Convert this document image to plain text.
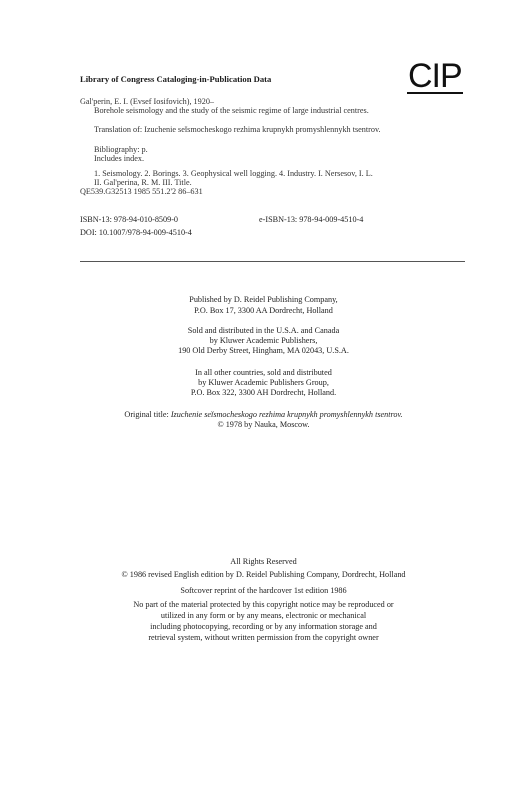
Library of Congress Cataloging-in-Publication Data	CIP
Gal'perin, E. I. (Evsef Iosifovich), 1920–
Borehole seismology and the study of the seismic regime of large industrial centres.
Translation of: Izuchenie seĭsmocheskogo rezhima krupnykh promyshlennykh tsentrov.
Bibliography: p.
Includes index.
1. Seismology. 2. Borings. 3. Geophysical well logging. 4. Industry. I. Nersesov, I. L.
II. Gal'perina, R. M. III. Title.
QE539.G32513 1985 551.2'2 86–631
ISBN-13: 978-94-010-8509-0	e-ISBN-13: 978-94-009-4510-4
DOI: 10.1007/978-94-009-4510-4
Published by D. Reidel Publishing Company,
P.O. Box 17, 3300 AA Dordrecht, Holland
Sold and distributed in the U.S.A. and Canada
by Kluwer Academic Publishers,
190 Old Derby Street, Hingham, MA 02043, U.S.A.
In all other countries, sold and distributed
by Kluwer Academic Publishers Group,
P.O. Box 322, 3300 AH Dordrecht, Holland.
Original title: Izuchenie seĭsmocheskogo rezhima krupnykh promyshlennykh tsentrov.
© 1978 by Nauka, Moscow.
All Rights Reserved
© 1986 revised English edition by D. Reidel Publishing Company, Dordrecht, Holland
Softcover reprint of the hardcover 1st edition 1986
No part of the material protected by this copyright notice may be reproduced or
utilized in any form or by any means, electronic or mechanical
including photocopying, recording or by any information storage and
retrieval system, without written permission from the copyright owner
